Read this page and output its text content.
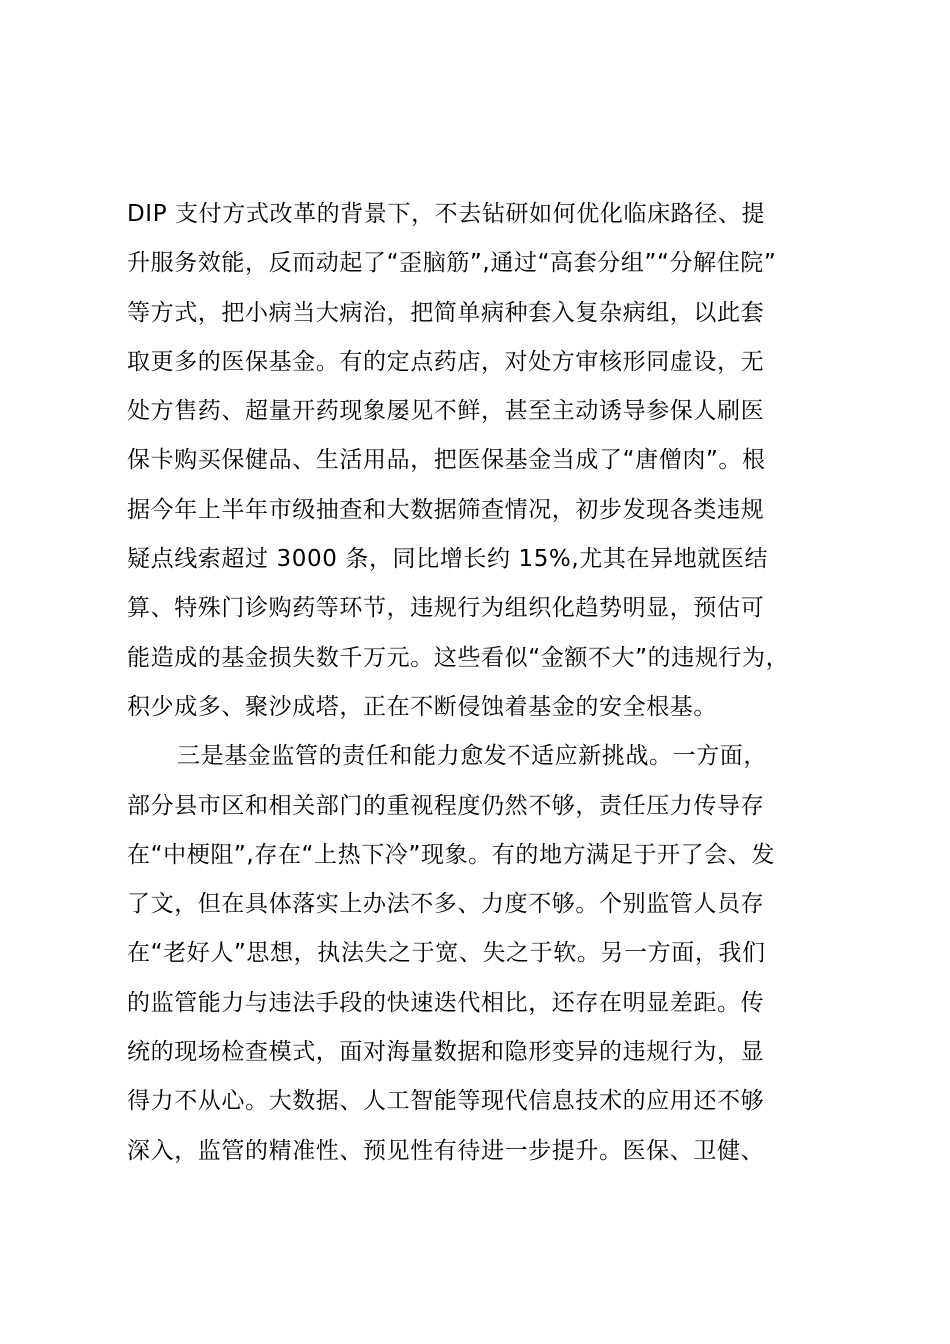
DIP 支付方式改革的背景下，不去钻研如何优化临床路径、提
升服务效能，反而动起了“歪脑筋”,通过“高套分组”“分解住院”
等方式，把小病当大病治，把简单病种套入复杂病组，以此套
取更多的医保基金。有的定点药店，对处方审核形同虚设，无
处方售药、超量开药现象屡见不鲜，甚至主动诱导参保人刷医
保卡购买保健品、生活用品，把医保基金当成了“唐僧肉”。根
据今年上半年市级抽查和大数据筛查情况，初步发现各类违规
疑点线索超过 3000 条，同比增长约 15%,尤其在异地就医结
算、特殊门诊购药等环节，违规行为组织化趋势明显，预估可
能造成的基金损失数千万元。这些看似“金额不大”的违规行为，
积少成多、聚沙成塔，正在不断侵蚀着基金的安全根基。
三是基金监管的责任和能力愈发不适应新挑战。一方面，
部分县市区和相关部门的重视程度仍然不够，责任压力传导存
在“中梗阻”,存在“上热下冷”现象。有的地方满足于开了会、发
了文，但在具体落实上办法不多、力度不够。个别监管人员存
在“老好人”思想，执法失之于宽、失之于软。另一方面，我们
的监管能力与违法手段的快速迭代相比，还存在明显差距。传
统的现场检查模式，面对海量数据和隐形变异的违规行为，显
得力不从心。大数据、人工智能等现代信息技术的应用还不够
深入，监管的精准性、预见性有待进一步提升。医保、卫健、
